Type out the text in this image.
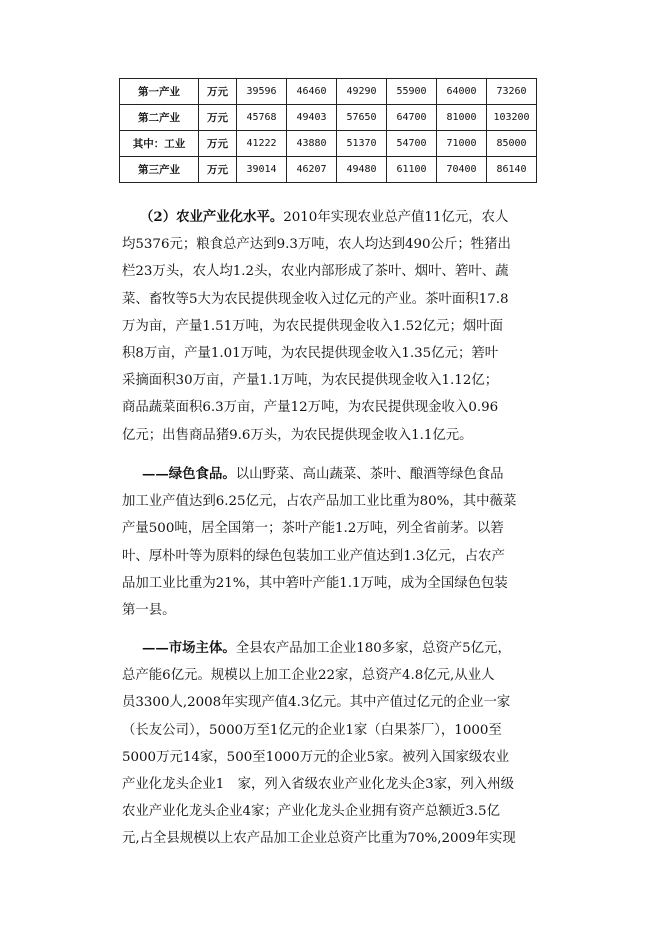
第一产业	万元	39596	46460	49290	55900	64000	73260
第二产业	万元	45768	49403	57650	64700	81000	103200
其中：工业	万元	41222	43880	51370	54700	71000	85000
第三产业	万元	39014	46207	49480	61100	70400	86140
（2）农业产业化水平。2010年实现农业总产值11亿元，农人
均5376元；粮食总产达到9.3万吨，农人均达到490公斤；牲猪出
栏23万头，农人均1.2头，农业内部形成了茶叶、烟叶、箬叶、蔬
菜、畜牧等5大为农民提供现金收入过亿元的产业。茶叶面积17.8
万为亩，产量1.51万吨，为农民提供现金收入1.52亿元；烟叶面
积8万亩，产量1.01万吨，为农民提供现金收入1.35亿元；箬叶
采摘面积30万亩，产量1.1万吨，为农民提供现金收入1.12亿；
商品蔬菜面积6.3万亩，产量12万吨，为农民提供现金收入0.96
亿元；出售商品猪9.6万头，为农民提供现金收入1.1亿元。
——绿色食品。以山野菜、高山蔬菜、茶叶、酿酒等绿色食品
加工业产值达到6.25亿元，占农产品加工业比重为80%，其中薇菜
产量500吨，居全国第一；茶叶产能1.2万吨，列全省前茅。以箬
叶、厚朴叶等为原料的绿色包装加工业产值达到1.3亿元，占农产
品加工业比重为21%，其中箬叶产能1.1万吨，成为全国绿色包装
第一县。
——市场主体。全县农产品加工企业180多家，总资产5亿元，
总产能6亿元。规模以上加工企业22家，总资产4.8亿元,从业人
员3300人,2008年实现产值4.3亿元。其中产值过亿元的企业一家
（长友公司），5000万至1亿元的企业1家（白果茶厂），1000至
5000万元14家，500至1000万元的企业5家。被列入国家级农业
产业化龙头企业1　家，列入省级农业产业化龙头企3家，列入州级
农业产业化龙头企业4家；产业化龙头企业拥有资产总额近3.5亿
元,占全县规模以上农产品加工企业总资产比重为70%,2009年实现
